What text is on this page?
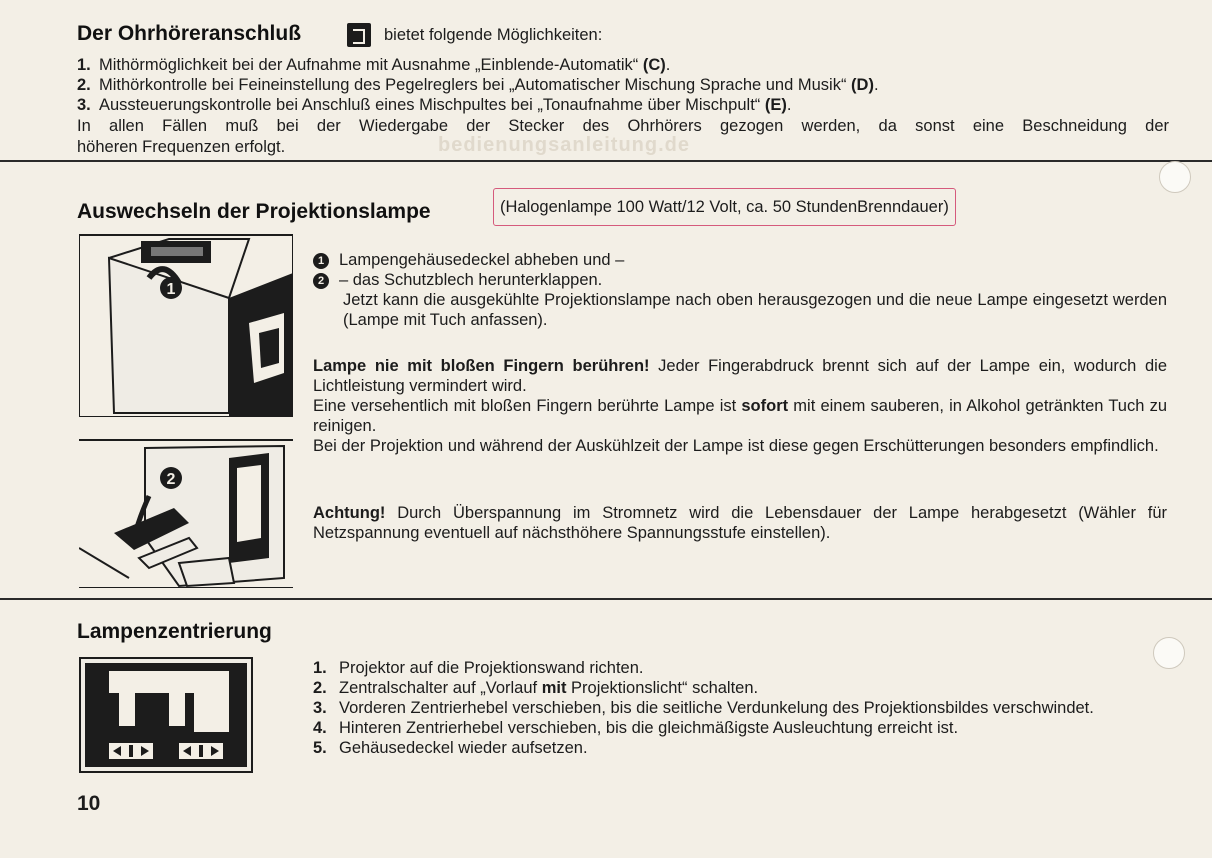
bedienungsanleitung.de
Der Ohrhöreranschluß	bietet folgende Möglichkeiten:
1. Mithörmöglichkeit bei der Aufnahme mit Ausnahme „Einblende-Automatik“ (C).
2. Mithörkontrolle bei Feineinstellung des Pegelreglers bei „Automatischer Mischung Sprache und Musik“ (D).
3. Aussteuerungskontrolle bei Anschluß eines Mischpultes bei „Tonaufnahme über Mischpult“ (E).
In allen Fällen muß bei der Wiedergabe der Stecker des Ohrhörers gezogen werden, da sonst eine Beschneidung der
höheren Frequenzen erfolgt.
Auswechseln der Projektionslampe	(Halogenlampe 100 Watt/12 Volt, ca. 50 StundenBrenndauer)
1
2
1 Lampengehäusedeckel abheben und –
2 – das Schutzblech herunterklappen.
Jetzt kann die ausgekühlte Projektionslampe nach oben herausgezogen und die neue Lampe eingesetzt werden (Lampe mit Tuch anfassen).
Lampe nie mit bloßen Fingern berühren! Jeder Fingerabdruck brennt sich auf der Lampe ein, wodurch die Lichtleistung vermindert wird.
Eine versehentlich mit bloßen Fingern berührte Lampe ist sofort mit einem sauberen, in Alkohol getränkten Tuch zu reinigen.
Bei der Projektion und während der Auskühlzeit der Lampe ist diese gegen Erschütterungen besonders empfindlich.
Achtung! Durch Überspannung im Stromnetz wird die Lebensdauer der Lampe herabgesetzt (Wähler für Netzspannung eventuell auf nächsthöhere Spannungsstufe einstellen).
Lampenzentrierung
1. Projektor auf die Projektionswand richten.
2. Zentralschalter auf „Vorlauf mit Projektionslicht“ schalten.
3. Vorderen Zentrierhebel verschieben, bis die seitliche Verdunkelung des Projektionsbildes verschwindet.
4. Hinteren Zentrierhebel verschieben, bis die gleichmäßigste Ausleuchtung erreicht ist.
5. Gehäusedeckel wieder aufsetzen.
10
